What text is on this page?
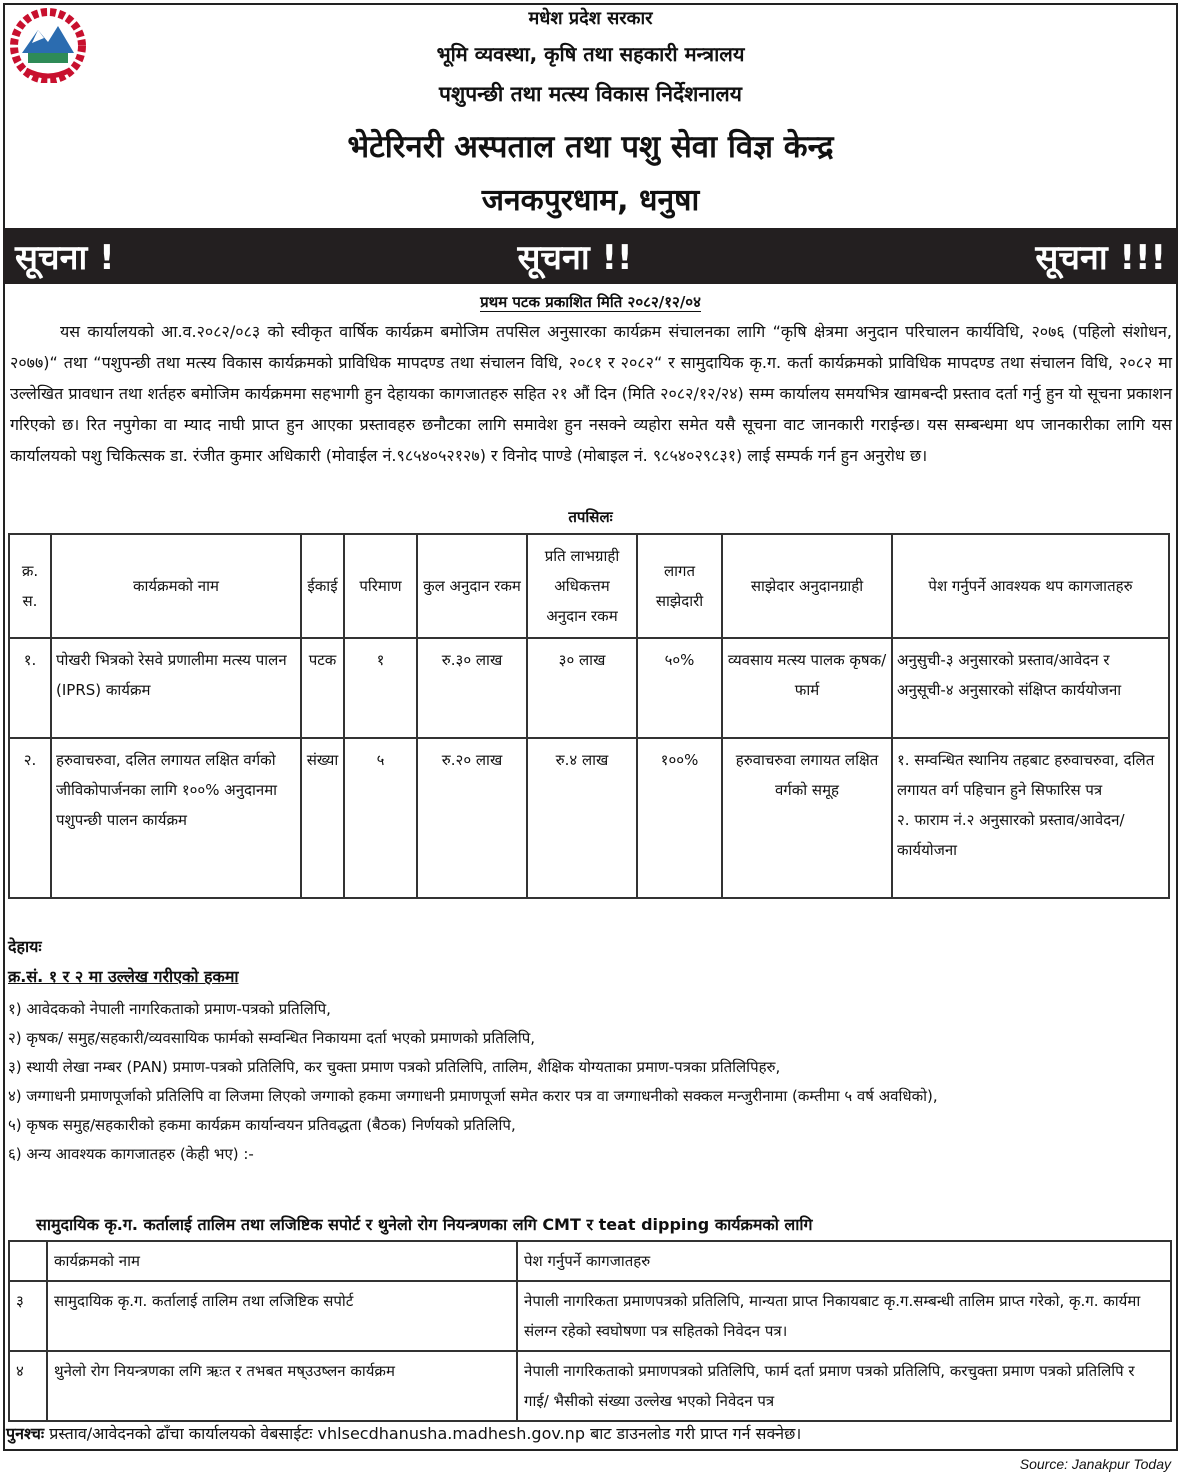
मधेश प्रदेश सरकार
भूमि व्यवस्था, कृषि तथा सहकारी मन्त्रालय
पशुपन्छी तथा मत्स्य विकास निर्देशनालय
भेटेरिनरी अस्पताल तथा पशु सेवा विज्ञ केन्द्र
जनकपुरधाम, धनुषा
सूचना !	सूचना !!	सूचना !!!
प्रथम पटक प्रकाशित मिति २०८२/१२/०४

यस कार्यालयको आ.व.२०८२/०८३ को स्वीकृत वार्षिक कार्यक्रम बमोजिम तपसिल अनुसारका कार्यक्रम संचालनका लागि “कृषि क्षेत्रमा अनुदान परिचालन कार्यविधि, २०७६ (पहिलो संशोधन, २०७७)“ तथा “पशुपन्छी तथा मत्स्य विकास कार्यक्रमको प्राविधिक मापदण्ड तथा संचालन विधि, २०८१ र २०८२“ र सामुदायिक कृ.ग. कर्ता कार्यक्रमको प्राविधिक मापदण्ड तथा संचालन विधि, २०८२ मा उल्लेखित प्रावधान तथा शर्तहरु बमोजिम कार्यक्रममा सहभागी हुन देहायका कागजातहरु सहित २१ औं दिन (मिति २०८२/१२/२४) सम्म कार्यालय समयभित्र खामबन्दी प्रस्ताव दर्ता गर्नु हुन यो सूचना प्रकाशन गरिएको छ। रित नपुगेका वा म्याद नाघी प्राप्त हुन आएका प्रस्तावहरु छनौटका लागि समावेश हुन नसक्ने व्यहोरा समेत यसै सूचना वाट जानकारी गराईन्छ। यस सम्बन्धमा थप जानकारीका लागि यस कार्यालयको पशु चिकित्सक डा. रंजीत कुमार अधिकारी (मोवाईल नं.९८५४०५२१२७) र विनोद पाण्डे (मोबाइल नं. ९८५४०२९८३१) लाई सम्पर्क गर्न हुन अनुरोध छ।

तपसिलः
क्र. स.	कार्यक्रमको नाम	ईकाई	परिमाण	कुल अनुदान रकम	प्रति लाभग्राही अधिकत्तम अनुदान रकम	लागत साझेदारी	साझेदार अनुदानग्राही	पेश गर्नुपर्ने आवश्यक थप कागजातहरु
१.	पोखरी भित्रको रेसवे प्रणालीमा मत्स्य पालन (IPRS) कार्यक्रम	पटक	१	रु.३० लाख	३० लाख	५०%	व्यवसाय मत्स्य पालक कृषक/फार्म	अनुसुची-३ अनुसारको प्रस्ताव/आवेदन र अनुसूची-४ अनुसारको संक्षिप्त कार्ययोजना
२.	हरुवाचरुवा, दलित लगायत लक्षित वर्गको जीविकोपार्जनका लागि १००% अनुदानमा पशुपन्छी पालन कार्यक्रम	संख्या	५	रु.२० लाख	रु.४ लाख	१००%	हरुवाचरुवा लगायत लक्षित वर्गको समूह	१. सम्वन्धित स्थानिय तहबाट हरुवाचरुवा, दलित लगायत वर्ग पहिचान हुने सिफारिस पत्र
२. फाराम नं.२ अनुसारको प्रस्ताव/आवेदन/कार्ययोजना
देहायः
क्र.सं. १ र २ मा उल्लेख गरीएको हकमा
१) आवेदकको नेपाली नागरिकताको प्रमाण-पत्रको प्रतिलिपि,
२) कृषक/ समुह/सहकारी/व्यवसायिक फार्मको सम्वन्धित निकायमा दर्ता भएको प्रमाणको प्रतिलिपि,
३) स्थायी लेखा नम्बर (PAN) प्रमाण-पत्रको प्रतिलिपि, कर चुक्ता प्रमाण पत्रको प्रतिलिपि, तालिम, शैक्षिक योग्यताका प्रमाण-पत्रका प्रतिलिपिहरु,
४) जग्गाधनी प्रमाणपूर्जाको प्रतिलिपि वा लिजमा लिएको जग्गाको हकमा जग्गाधनी प्रमाणपूर्जा समेत करार पत्र वा जग्गाधनीको सक्कल मन्जुरीनामा (कम्तीमा ५ वर्ष अवधिको),
५) कृषक समुह/सहकारीको हकमा कार्यक्रम कार्यान्वयन प्रतिवद्धता (बैठक) निर्णयको प्रतिलिपि,
६) अन्य आवश्यक कागजातहरु (केही भए) :-
सामुदायिक कृ.ग. कर्तालाई तालिम तथा लजिष्टिक सपोर्ट र थुनेलो रोग नियन्त्रणका लगि CMT र teat dipping कार्यक्रमको लागि
	कार्यक्रमको नाम	पेश गर्नुपर्ने कागजातहरु
३	सामुदायिक कृ.ग. कर्तालाई तालिम तथा लजिष्टिक सपोर्ट	नेपाली नागरिकता प्रमाणपत्रको प्रतिलिपि, मान्यता प्राप्त निकायबाट कृ.ग.सम्बन्धी तालिम प्राप्त गरेको, कृ.ग. कार्यमा संलग्न रहेको स्वघोषणा पत्र सहितको निवेदन पत्र।
४	थुनेलो रोग नियन्त्रणका लगि ऋःत र तभबत मष्उउष्लन कार्यक्रम	नेपाली नागरिकताको प्रमाणपत्रको प्रतिलिपि, फार्म दर्ता प्रमाण पत्रको प्रतिलिपि, करचुक्ता प्रमाण पत्रको प्रतिलिपि र गाई/ भैसीको संख्या उल्लेख भएको निवेदन पत्र
पुनश्चः प्रस्ताव/आवेदनको ढाँचा कार्यालयको वेबसाईटः vhlsecdhanusha.madhesh.gov.np बाट डाउनलोड गरी प्राप्त गर्न सक्नेछ।
Source: Janakpur Today
